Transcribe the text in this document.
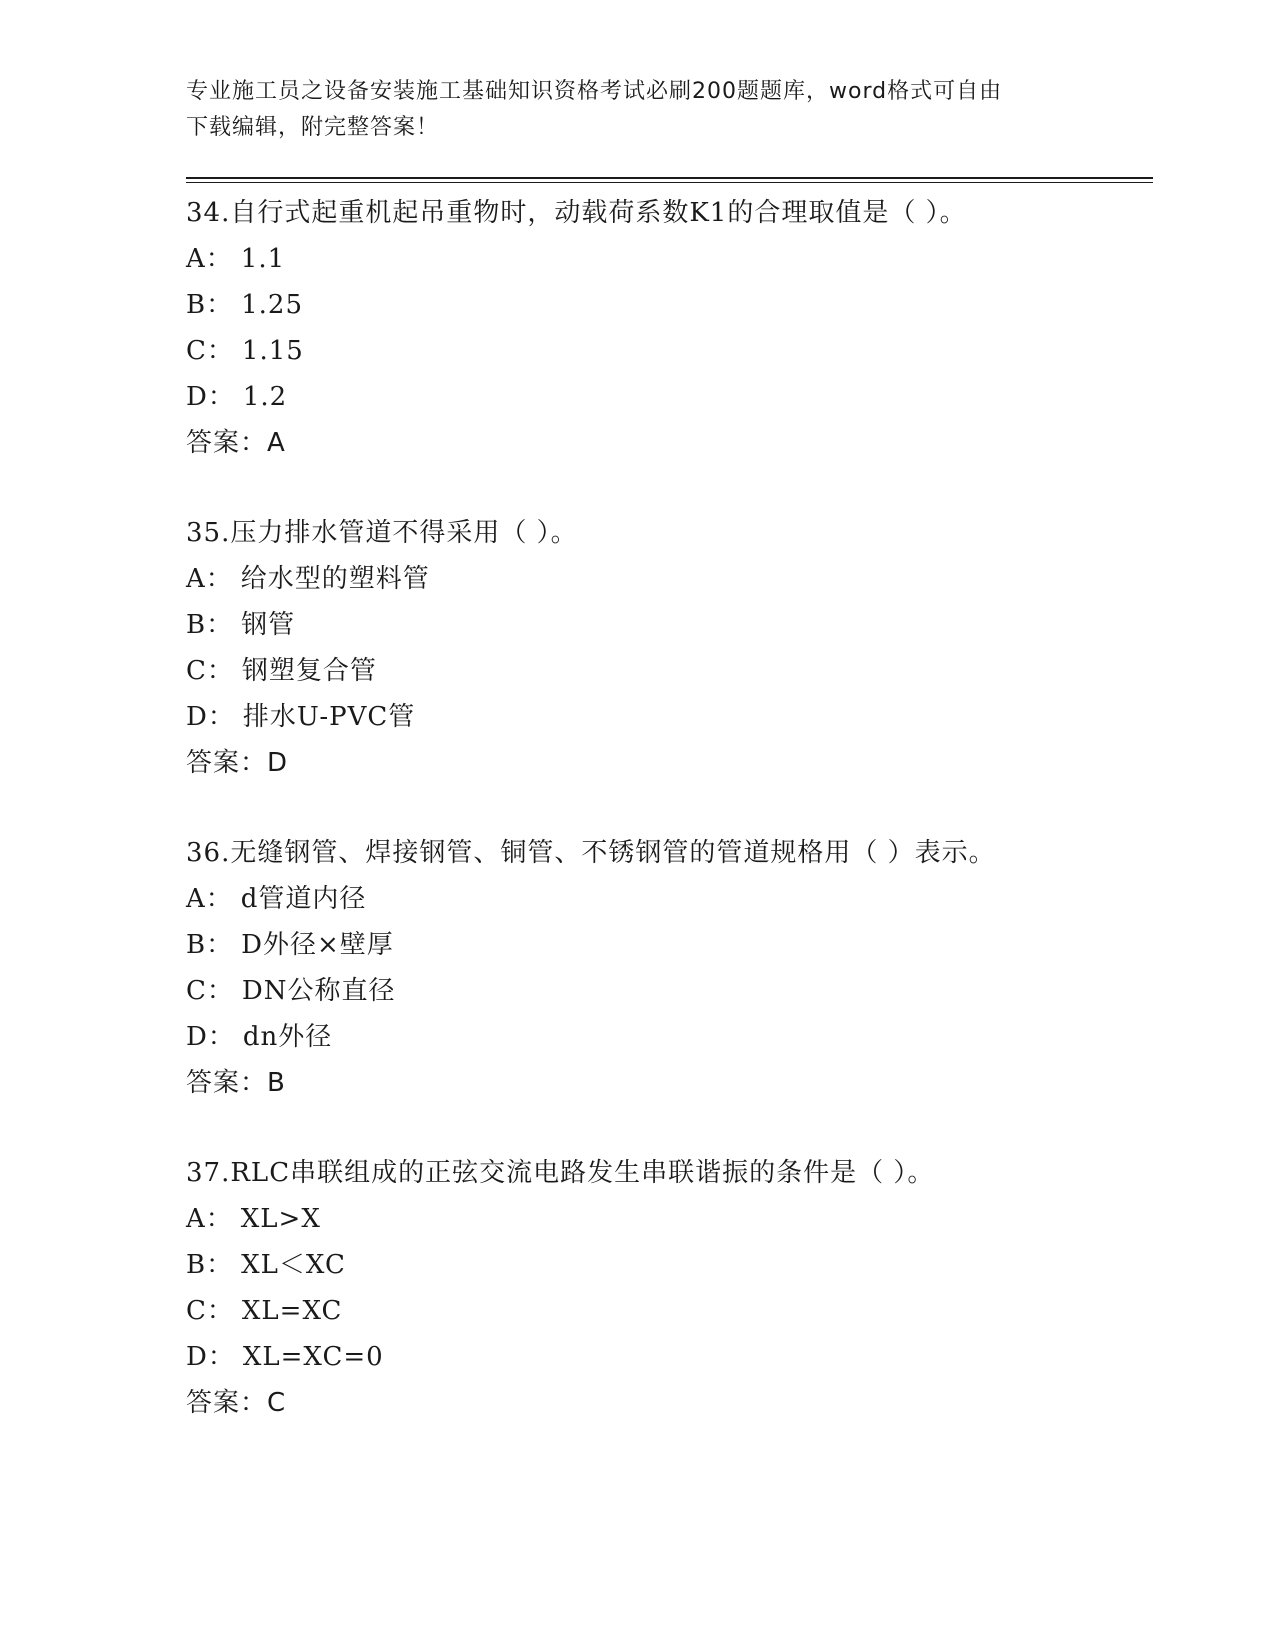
专业施工员之设备安装施工基础知识资格考试必刷200题题库，word格式可自由
下载编辑，附完整答案！
34.自行式起重机起吊重物时，动载荷系数K1的合理取值是（ ）。
A： 1.1
B： 1.25
C： 1.15
D： 1.2
答案：A
35.压力排水管道不得采用（ ）。
A： 给水型的塑料管
B： 钢管
C： 钢塑复合管
D： 排水U-PVC管
答案：D
36.无缝钢管、焊接钢管、铜管、不锈钢管的管道规格用（ ）表示。
A： d管道内径
B： D外径×壁厚
C： DN公称直径
D： dn外径
答案：B
37.RLC串联组成的正弦交流电路发生串联谐振的条件是（ ）。
A： XL>X
B： XL＜XC
C： XL=XC
D： XL=XC=0
答案：C
